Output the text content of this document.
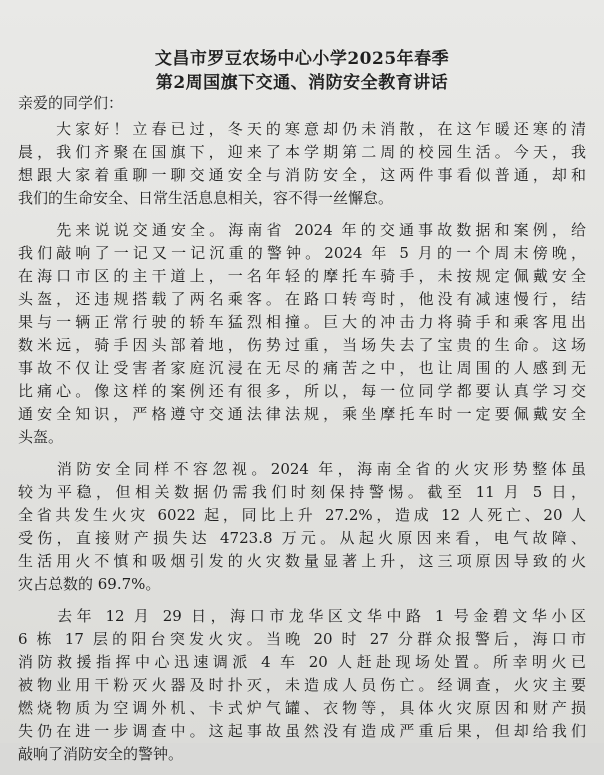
文昌市罗豆农场中心小学2025年春季
第2周国旗下交通、消防安全教育讲话
亲爱的同学们：
　　大家好！立春已过，冬天的寒意却仍未消散，在这乍暖还寒的清
晨，我们齐聚在国旗下，迎来了本学期第二周的校园生活。今天，我
想跟大家着重聊一聊交通安全与消防安全，这两件事看似普通，却和
我们的生命安全、日常生活息息相关，容不得一丝懈怠。
　　先来说说交通安全。海南省 2024 年的交通事故数据和案例，给
我们敲响了一记又一记沉重的警钟。2024 年 5 月的一个周末傍晚，
在海口市区的主干道上，一名年轻的摩托车骑手，未按规定佩戴安全
头盔，还违规搭载了两名乘客。在路口转弯时，他没有减速慢行，结
果与一辆正常行驶的轿车猛烈相撞。巨大的冲击力将骑手和乘客甩出
数米远，骑手因头部着地，伤势过重，当场失去了宝贵的生命。这场
事故不仅让受害者家庭沉浸在无尽的痛苦之中，也让周围的人感到无
比痛心。像这样的案例还有很多，所以，每一位同学都要认真学习交
通安全知识，严格遵守交通法律法规，乘坐摩托车时一定要佩戴安全
头盔。
　　消防安全同样不容忽视。2024 年，海南全省的火灾形势整体虽
较为平稳，但相关数据仍需我们时刻保持警惕。截至 11 月 5 日，
全省共发生火灾 6022 起，同比上升 27.2%，造成 12 人死亡、20 人
受伤，直接财产损失达 4723.8 万元。从起火原因来看，电气故障、
生活用火不慎和吸烟引发的火灾数量显著上升，这三项原因导致的火
灾占总数的 69.7%。
　　去年 12 月 29 日，海口市龙华区文华中路 1 号金碧文华小区
6 栋 17 层的阳台突发火灾。当晚 20 时 27 分群众报警后，海口市
消防救援指挥中心迅速调派 4 车 20 人赶赴现场处置。所幸明火已
被物业用干粉灭火器及时扑灭，未造成人员伤亡。经调查，火灾主要
燃烧物质为空调外机、卡式炉气罐、衣物等，具体火灾原因和财产损
失仍在进一步调查中。这起事故虽然没有造成严重后果，但却给我们
敲响了消防安全的警钟。
